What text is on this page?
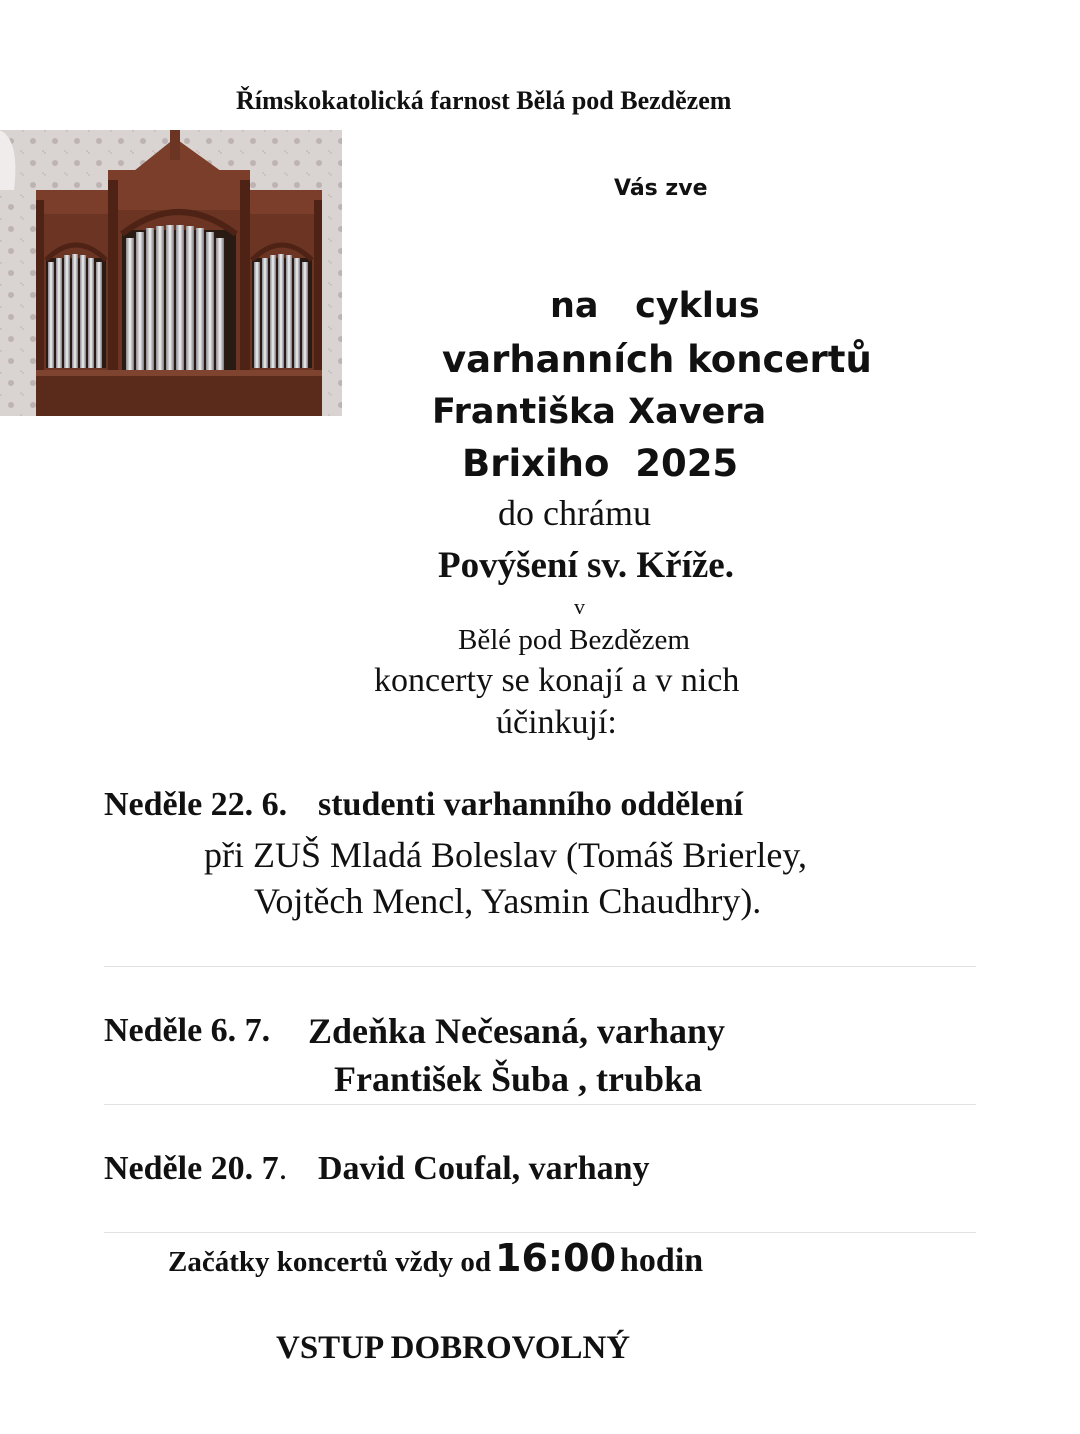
Římskokatolická farnost Bělá pod Bezdězem
Vás zve
na   cyklus
varhanních koncertů
Františka Xavera
Brixiho  2025
do chrámu
Povýšení sv. Kříže.
v
Bělé pod Bezdězem
koncerty se konají a v nich
účinkují:
Neděle 22. 6. studenti varhanního oddělení
při ZUŠ Mladá Boleslav (Tomáš Brierley,
Vojtěch Mencl, Yasmin Chaudhry).
Neděle 6. 7. Zdeňka Nečesaná, varhany
František Šuba , trubka
Neděle 20. 7. David Coufal, varhany
Začátky koncertů vždy od 16:00 hodin
VSTUP DOBROVOLNÝ
